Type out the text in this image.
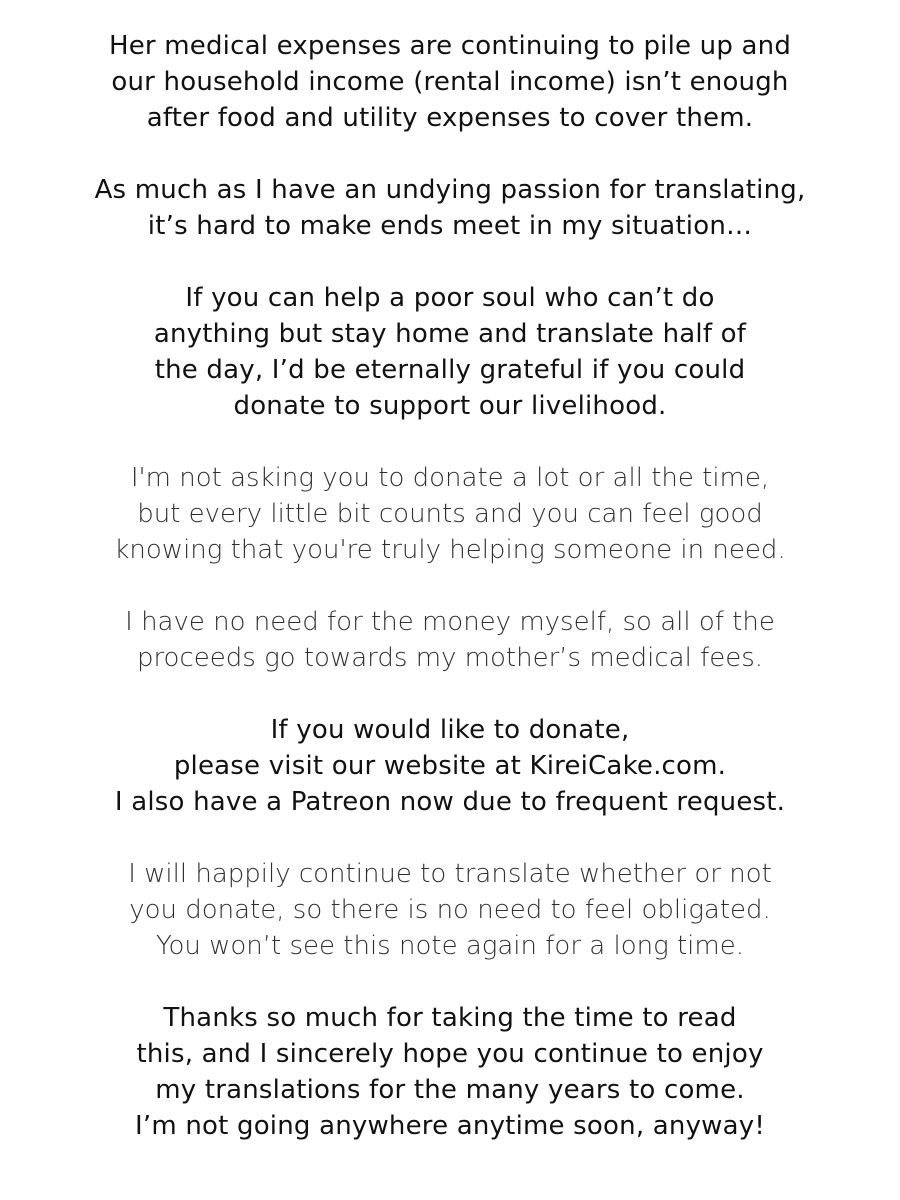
Her medical expenses are continuing to pile up and
our household income (rental income) isn’t enough
after food and utility expenses to cover them.

As much as I have an undying passion for translating,
it’s hard to make ends meet in my situation…

If you can help a poor soul who can’t do
anything but stay home and translate half of
the day, I’d be eternally grateful if you could
donate to support our livelihood.

I'm not asking you to donate a lot or all the time,
but every little bit counts and you can feel good
knowing that you're truly helping someone in need.

I have no need for the money myself, so all of the
proceeds go towards my mother’s medical fees.

If you would like to donate,
please visit our website at KireiCake.com.
I also have a Patreon now due to frequent request.

I will happily continue to translate whether or not
you donate, so there is no need to feel obligated.
You won’t see this note again for a long time.

Thanks so much for taking the time to read
this, and I sincerely hope you continue to enjoy
my translations for the many years to come.
I’m not going anywhere anytime soon, anyway!
